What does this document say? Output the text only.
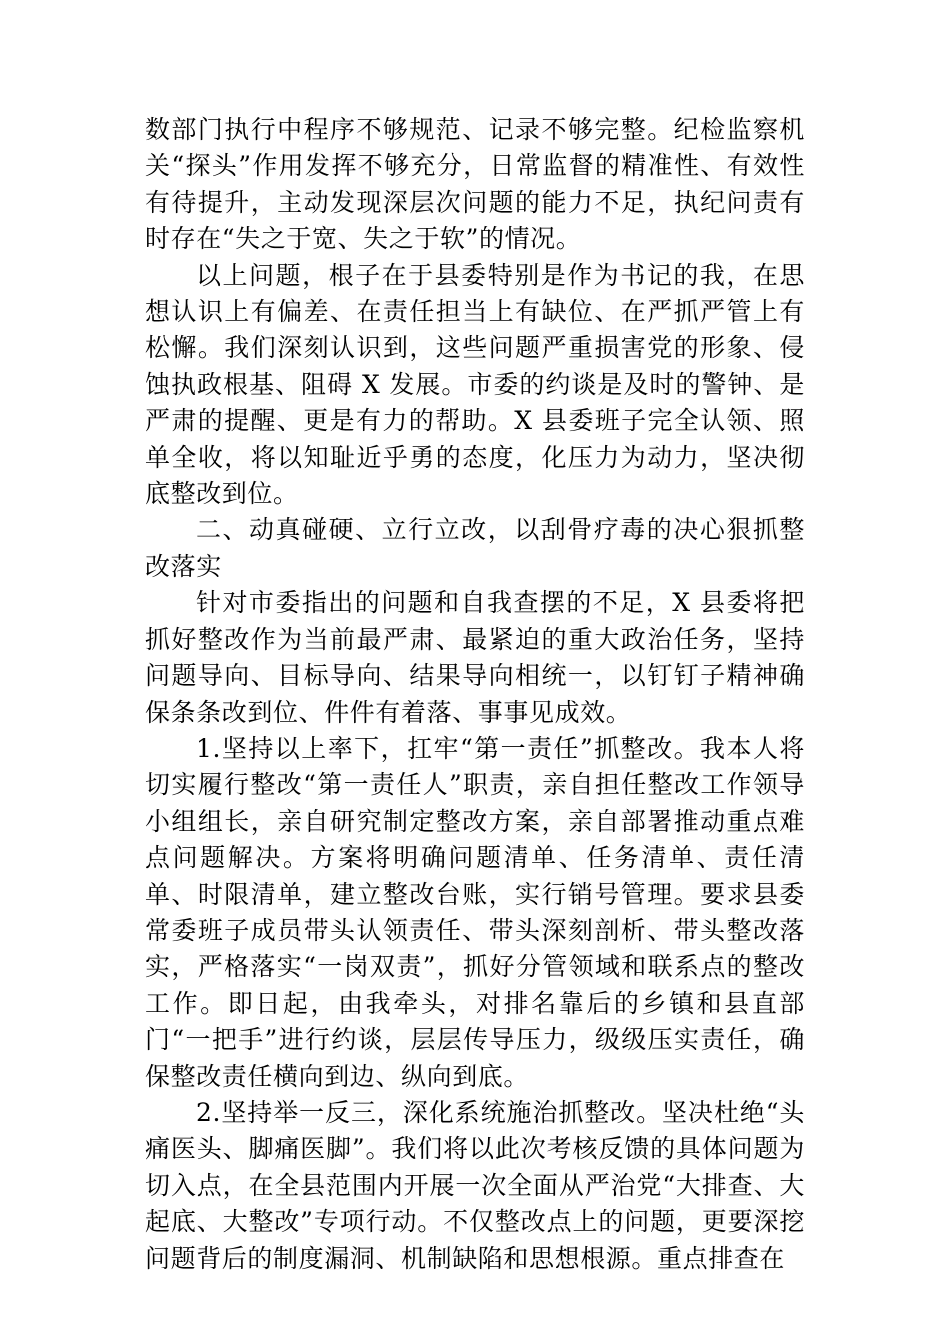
数部门执行中程序不够规范、记录不够完整。纪检监察机关“探头”作用发挥不够充分，日常监督的精准性、有效性有待提升，主动发现深层次问题的能力不足，执纪问责有时存在“失之于宽、失之于软”的情况。

以上问题，根子在于县委特别是作为书记的我，在思想认识上有偏差、在责任担当上有缺位、在严抓严管上有松懈。我们深刻认识到，这些问题严重损害党的形象、侵蚀执政根基、阻碍 X 发展。市委的约谈是及时的警钟、是严肃的提醒、更是有力的帮助。X 县委班子完全认领、照单全收，将以知耻近乎勇的态度，化压力为动力，坚决彻底整改到位。

二、动真碰硬、立行立改，以刮骨疗毒的决心狠抓整改落实

针对市委指出的问题和自我查摆的不足，X 县委将把抓好整改作为当前最严肃、最紧迫的重大政治任务，坚持问题导向、目标导向、结果导向相统一，以钉钉子精神确保条条改到位、件件有着落、事事见成效。

1.坚持以上率下，扛牢“第一责任”抓整改。我本人将切实履行整改“第一责任人”职责，亲自担任整改工作领导小组组长，亲自研究制定整改方案，亲自部署推动重点难点问题解决。方案将明确问题清单、任务清单、责任清单、时限清单，建立整改台账，实行销号管理。要求县委常委班子成员带头认领责任、带头深刻剖析、带头整改落实，严格落实“一岗双责”，抓好分管领域和联系点的整改工作。即日起，由我牵头，对排名靠后的乡镇和县直部门“一把手”进行约谈，层层传导压力，级级压实责任，确保整改责任横向到边、纵向到底。

2.坚持举一反三，深化系统施治抓整改。坚决杜绝“头痛医头、脚痛医脚”。我们将以此次考核反馈的具体问题为切入点，在全县范围内开展一次全面从严治党“大排查、大起底、大整改”专项行动。不仅整改点上的问题，更要深挖问题背后的制度漏洞、机制缺陷和思想根源。重点排查在
